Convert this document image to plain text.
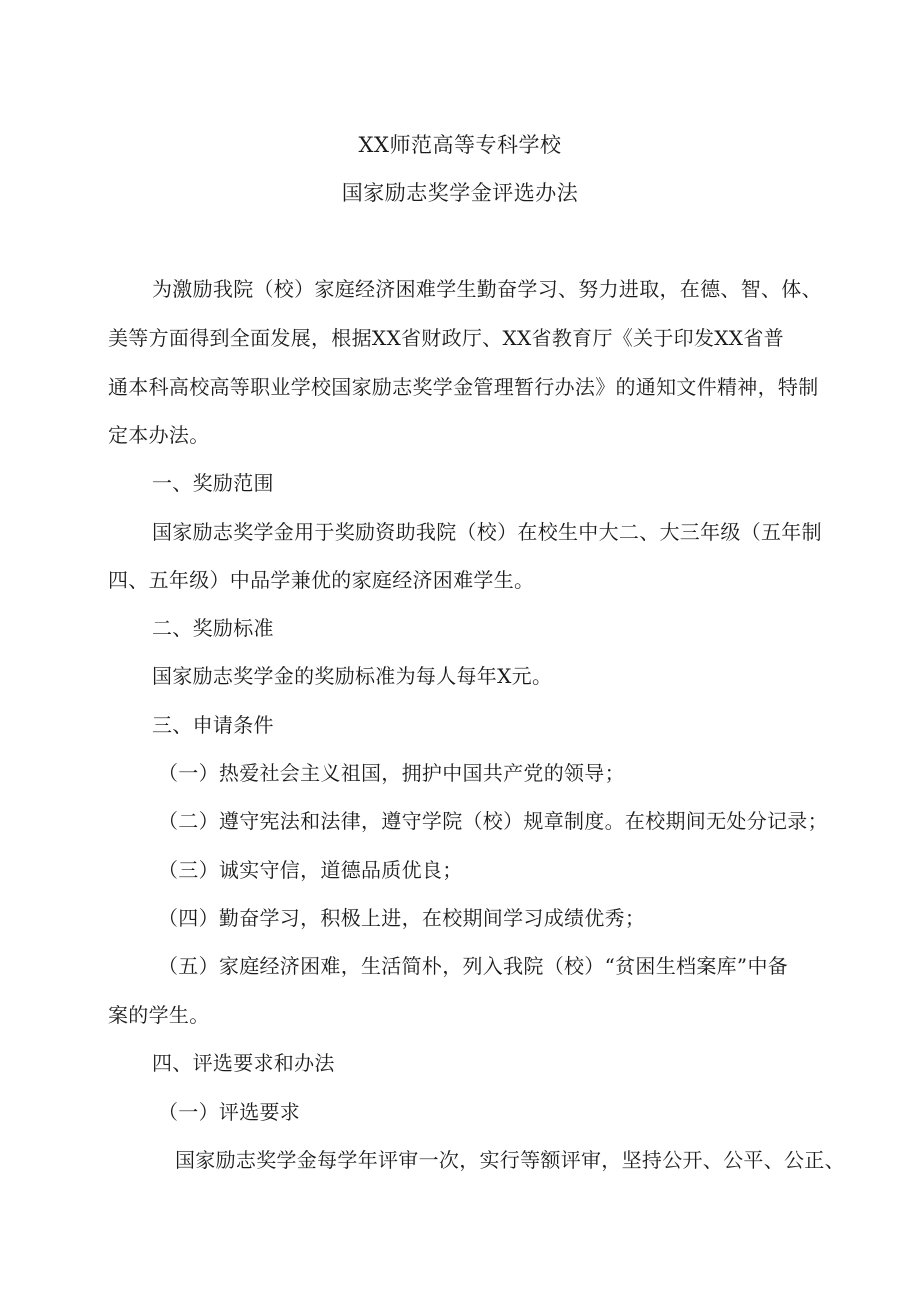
XX师范高等专科学校
国家励志奖学金评选办法
为激励我院（校）家庭经济困难学生勤奋学习、努力进取，在德、智、体、
美等方面得到全面发展，根据XX省财政厅、XX省教育厅《关于印发XX省普
通本科高校高等职业学校国家励志奖学金管理暂行办法》的通知文件精神，特制
定本办法。
一、奖励范围
国家励志奖学金用于奖励资助我院（校）在校生中大二、大三年级（五年制
四、五年级）中品学兼优的家庭经济困难学生。
二、奖励标准
国家励志奖学金的奖励标准为每人每年X元。
三、申请条件
（一）热爱社会主义祖国，拥护中国共产党的领导；
（二）遵守宪法和法律，遵守学院（校）规章制度。在校期间无处分记录；
（三）诚实守信，道德品质优良；
（四）勤奋学习，积极上进，在校期间学习成绩优秀；
（五）家庭经济困难，生活简朴，列入我院（校）“贫困生档案库”中备
案的学生。
四、评选要求和办法
（一）评选要求
国家励志奖学金每学年评审一次，实行等额评审，坚持公开、公平、公正、
